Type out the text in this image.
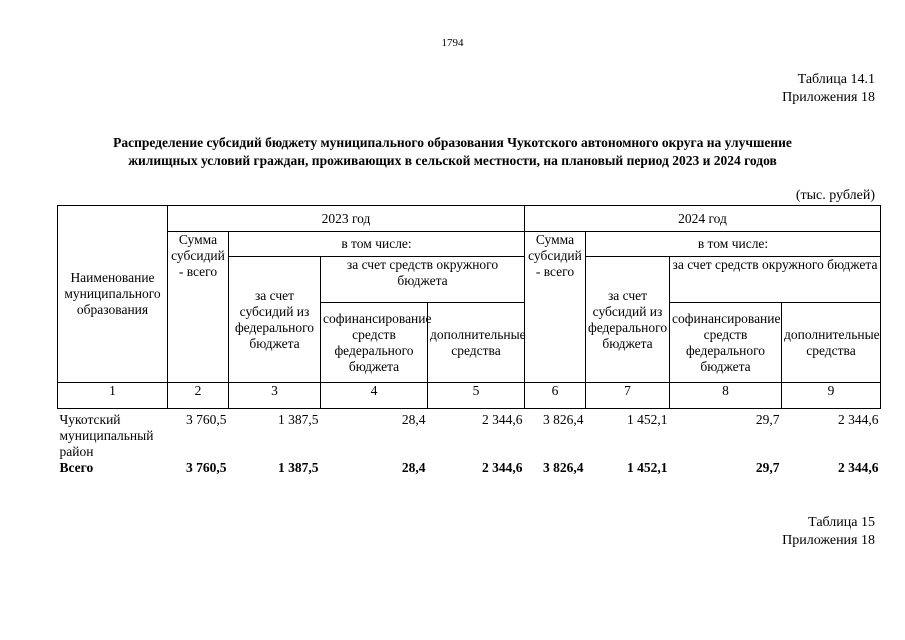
1794
Таблица 14.1
Приложения 18
Распределение субсидий бюджету муниципального образования Чукотского автономного округа на улучшение
жилищных условий граждан, проживающих в сельской местности, на плановый период 2023 и 2024 годов
(тыс. рублей)
Наименование муниципального образования	2023 год				2024 год			
	Сумма субсидий - всего	в том числе:			Сумма субсидий - всего	в том числе:		
		за счет субсидий из федерального бюджета	за счет средств окружного бюджета			за счет субсидий из федерального бюджета	за счет средств окружного бюджета	
			софинансирование средств федерального бюджета	дополнительные средства			софинансирование средств федерального бюджета	дополнительные средства
1	2	3	4	5	6	7	8	9
Чукотский муниципальный район	3 760,5	1 387,5	28,4	2 344,6	3 826,4	1 452,1	29,7	2 344,6
Всего	3 760,5	1 387,5	28,4	2 344,6	3 826,4	1 452,1	29,7	2 344,6
Таблица 15
Приложения 18
